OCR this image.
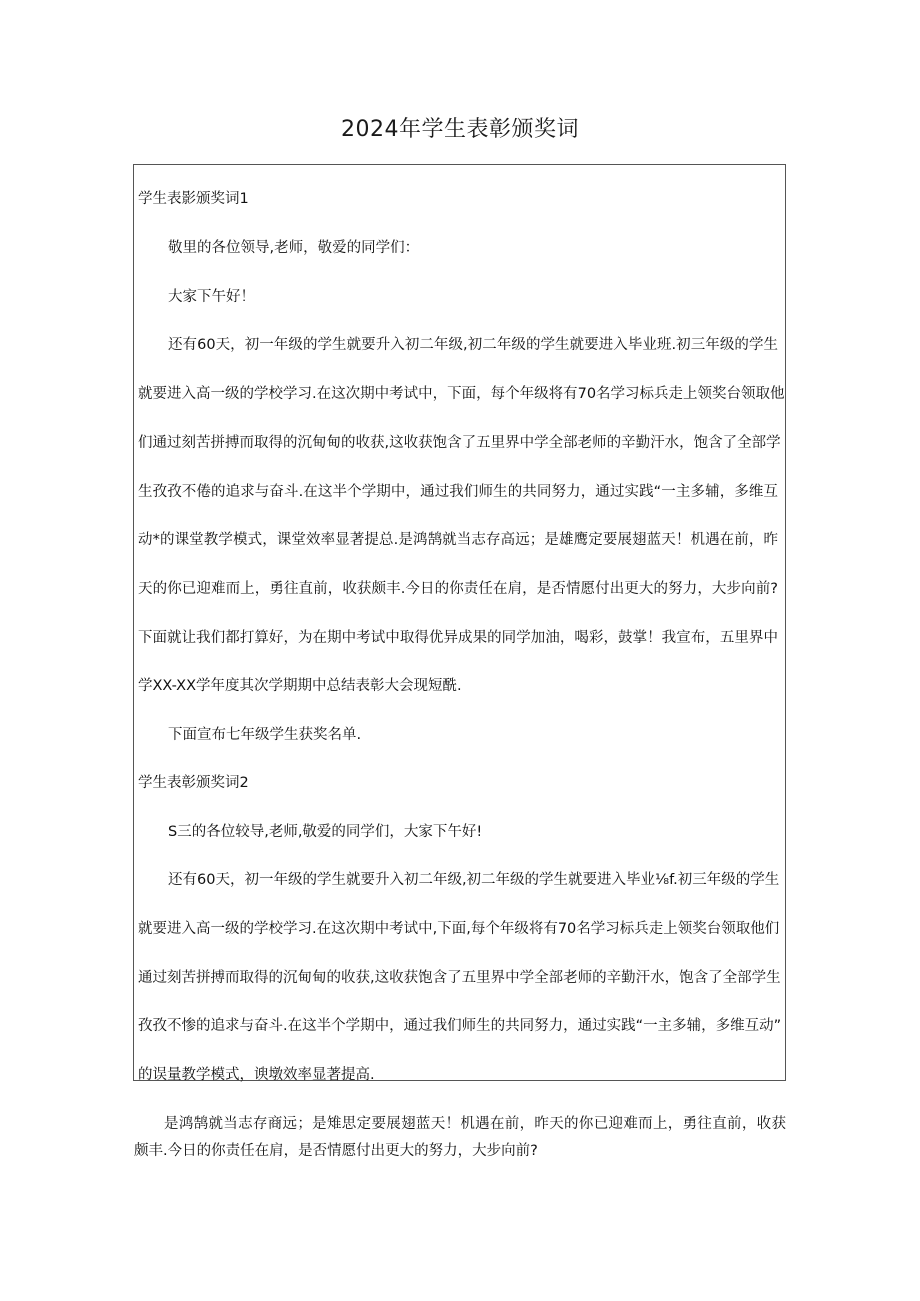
2024年学生表彰颁奖词
学生表影颁奖词1
敬里的各位领导,老师，敬爱的同学们：
大家下午好！
还有60天，初一年级的学生就要升入初二年级,初二年级的学生就要进入毕业班.初三年级的学生
就要进入高一级的学校学习.在这次期中考试中，下面，每个年级将有70名学习标兵走上领奖台领取他
们通过刻苦拼搏而取得的沉甸甸的收获,这收获饱含了五里界中学全部老师的辛勤汗水，饱含了全部学
生孜孜不倦的追求与奋斗.在这半个学期中，通过我们师生的共同努力，通过实践“一主多辅，多维互
动*的课堂教学模式，课堂效率显著提总.是鸿鹄就当志存高远；是雄鹰定要展翅蓝天！机遇在前，昨
天的你已迎难而上，勇往直前，收获颇丰.今日的你责任在肩，是否情愿付出更大的努力，大步向前?
下面就让我们都打算好，为在期中考试中取得优异成果的同学加油，喝彩，鼓掌！我宣布，五里界中
学XX-XX学年度其次学期期中总结表彰大会现短酰.
下面宣布七年级学生获奖名单.
学生表彰颁奖词2
S三的各位较导,老师,敬爱的同学们，大家下午好!
还有60天，初一年级的学生就要升入初二年级,初二年级的学生就要进入毕业⅛f.初三年级的学生
就要进入高一级的学校学习.在这次期中考试中,下面,每个年级将有70名学习标兵走上领奖台领取他们
通过刻苦拼搏而取得的沉甸甸的收获,这收获饱含了五里界中学全部老师的辛勤汗水，饱含了全部学生
孜孜不惨的追求与奋斗.在这半个学期中，通过我们师生的共同努力，通过实践“一主多辅，多维互动”
的误量教学模式，谀墩效率显著提高.
是鸿鹄就当志存商远；是雉思定要展翅蓝天！机遇在前，昨天的你已迎难而上，勇往直前，收获
颇丰.今日的你责任在肩，是否情愿付出更大的努力，大步向前?
